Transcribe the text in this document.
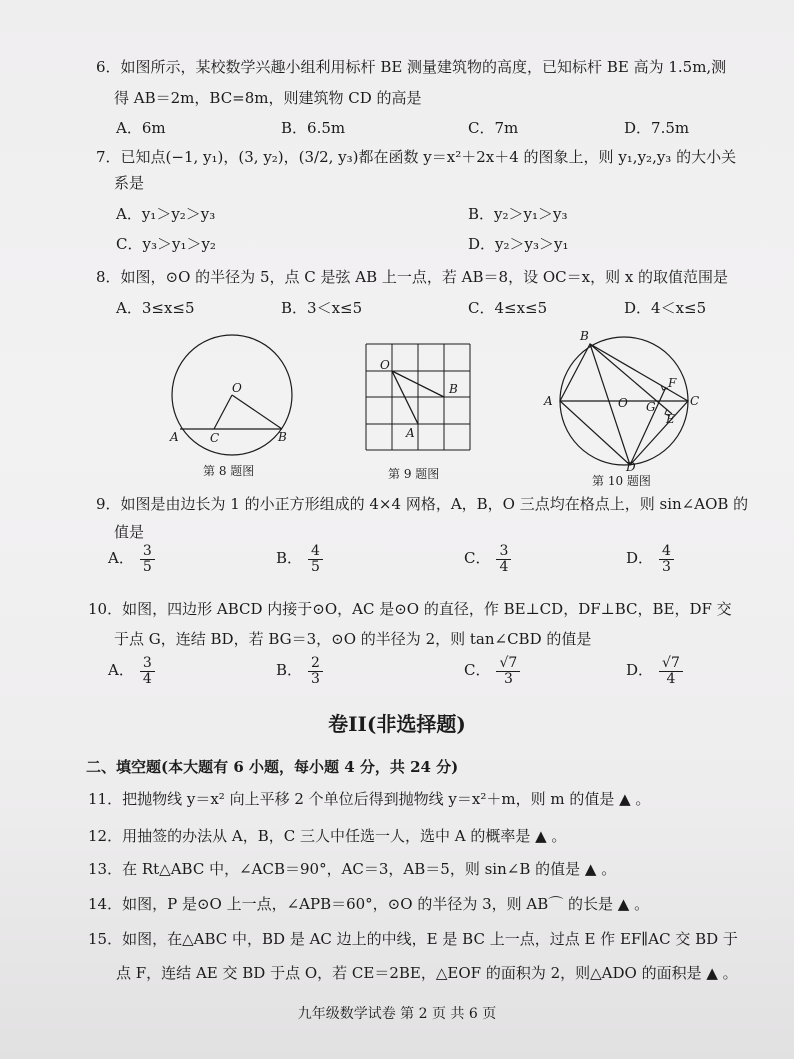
6．如图所示，某校数学兴趣小组利用标杆 BE 测量建筑物的高度，已知标杆 BE 高为 1.5m,测
得 AB＝2m，BC=8m，则建筑物 CD 的高是
A．6m	B．6.5m	C．7m	D．7.5m
7．已知点(−1, y₁)，(3, y₂)，(3/2, y₃)都在函数 y＝x²＋2x＋4 的图象上，则 y₁,y₂,y₃ 的大小关
系是
A．y₁＞y₂＞y₃	B．y₂＞y₁＞y₃
C．y₃＞y₁＞y₂	D．y₂＞y₃＞y₁
8．如图，⊙O 的半径为 5，点 C 是弦 AB 上一点，若 AB＝8，设 OC＝x，则 x 的取值范围是
A．3≤x≤5	B．3＜x≤5	C．4≤x≤5	D．4＜x≤5
O
A	C	B
第 8 题图
O
B
A
第 9 题图
B
A	O G
F
E
C
D
第 10 题图
9．如图是由边长为 1 的小正方形组成的 4×4 网格，A，B，O 三点均在格点上，则 sin∠AOB 的
值是
A． $\frac{3}{5}$	B． $\frac{4}{5}$	C． $\frac{3}{4}$	D． $\frac{4}{3}$
10．如图，四边形 ABCD 内接于⊙O，AC 是⊙O 的直径，作 BE⊥CD，DF⊥BC，BE，DF 交
于点 G，连结 BD，若 BG＝3，⊙O 的半径为 2，则 tan∠CBD 的值是
A． $\frac{3}{4}$	B． $\frac{2}{3}$	C． $\frac{√7}{3}$	D． $\frac{√7}{4}$
卷II(非选择题)
二、填空题(本大题有 6 小题，每小题 4 分，共 24 分)
11．把抛物线 y＝x² 向上平移 2 个单位后得到抛物线 y＝x²＋m，则 m 的值是 ▲ 。
12．用抽签的办法从 A，B，C 三人中任选一人，选中 A 的概率是 ▲ 。
13．在 Rt△ABC 中，∠ACB＝90°，AC＝3，AB＝5，则 sin∠B 的值是 ▲ 。
14．如图，P 是⊙O 上一点，∠APB＝60°，⊙O 的半径为 3，则 AB⌒ 的长是 ▲ 。
15．如图，在△ABC 中，BD 是 AC 边上的中线，E 是 BC 上一点，过点 E 作 EF∥AC 交 BD 于
点 F，连结 AE 交 BD 于点 O，若 CE＝2BE，△EOF 的面积为 2，则△ADO 的面积是 ▲ 。
九年级数学试卷 第 2 页 共 6 页
